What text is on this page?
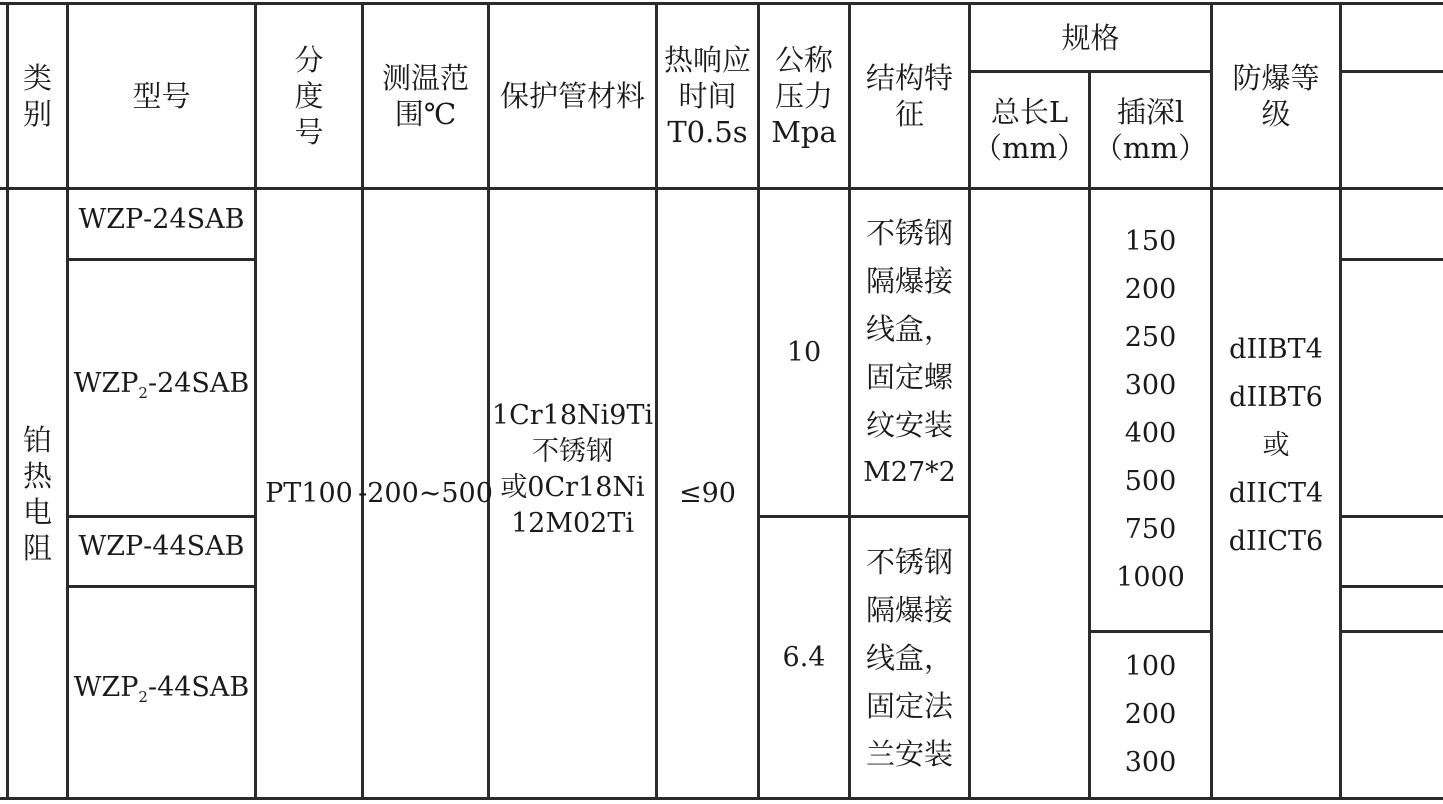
类
别
型号
分
度
号
测温范
围℃
保护管材料
热响应
时间
T0.5s
公称
压力
Mpa
结构特
征
规格
总长L
（mm）
插深l
（mm）
防爆等
级
铂
热
电
阻
WZP-24SAB
$WZP_2-24SAB$
WZP-44SAB
$WZP_2-44SAB$
PT100 -200~500
1Cr18Ni9Ti
不锈钢
或0Cr18Ni
12M02Ti
≤90
10
6.4
不锈钢
隔爆接
线盒，
固定螺
纹安装
M27*2
不锈钢
隔爆接
线盒，
固定法
兰安装
150
200
250
300
400
500
750
1000
100
200
300
dIIBT4
dIIBT6
或
dIICT4
dIICT6
